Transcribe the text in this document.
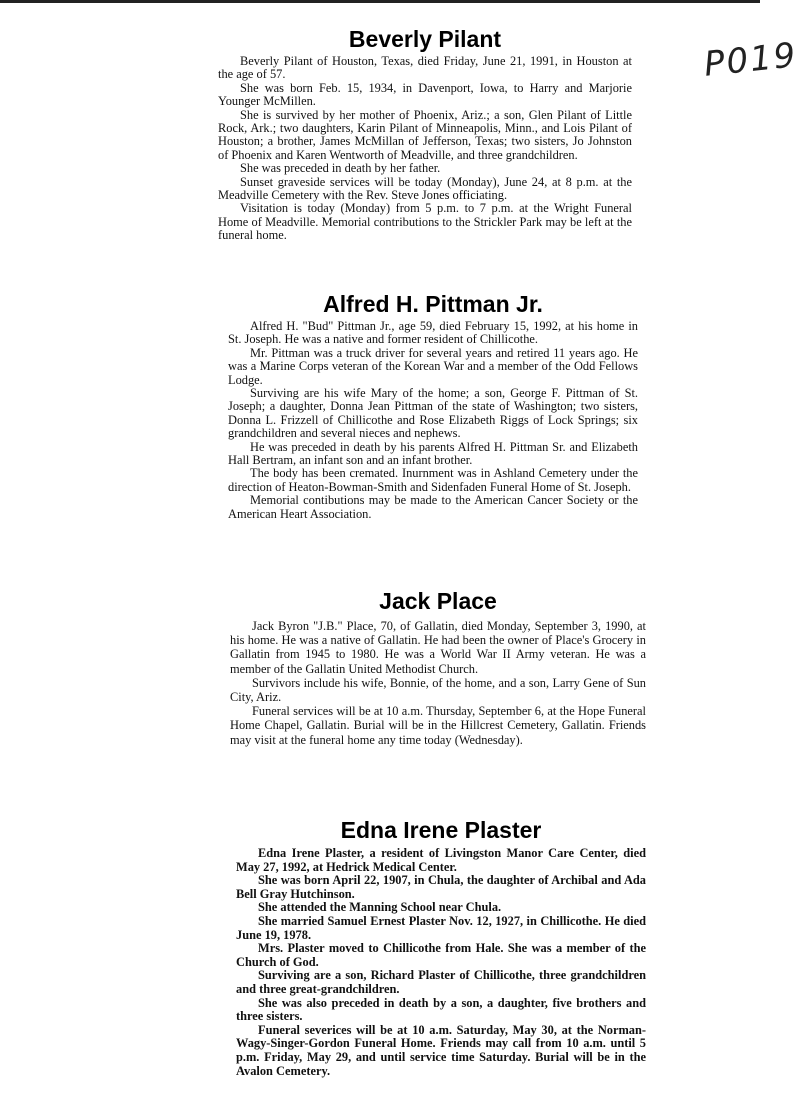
P019
Beverly Pilant

Beverly Pilant of Houston, Texas, died Friday, June 21, 1991, in Houston at the age of 57.

She was born Feb. 15, 1934, in Davenport, Iowa, to Harry and Marjorie Younger McMillen.

She is survived by her mother of Phoenix, Ariz.; a son, Glen Pilant of Little Rock, Ark.; two daughters, Karin Pilant of Minneapolis, Minn., and Lois Pilant of Houston; a brother, James McMillan of Jefferson, Texas; two sisters, Jo Johnston of Phoenix and Karen Wentworth of Meadville, and three grandchildren.

She was preceded in death by her father.

Sunset graveside services will be today (Monday), June 24, at 8 p.m. at the Meadville Cemetery with the Rev. Steve Jones officiating.

Visitation is today (Monday) from 5 p.m. to 7 p.m. at the Wright Funeral Home of Meadville. Memorial contributions to the Strickler Park may be left at the funeral home.

Alfred H. Pittman Jr.

Alfred H. "Bud" Pittman Jr., age 59, died February 15, 1992, at his home in St. Joseph. He was a native and former resident of Chillicothe.

Mr. Pittman was a truck driver for several years and retired 11 years ago. He was a Marine Corps veteran of the Korean War and a member of the Odd Fellows Lodge.

Surviving are his wife Mary of the home; a son, George F. Pittman of St. Joseph; a daughter, Donna Jean Pittman of the state of Washington; two sisters, Donna L. Frizzell of Chillicothe and Rose Elizabeth Riggs of Lock Springs; six grandchildren and several nieces and nephews.

He was preceded in death by his parents Alfred H. Pittman Sr. and Elizabeth Hall Bertram, an infant son and an infant brother.

The body has been cremated. Inurnment was in Ashland Cemetery under the direction of Heaton-Bowman-Smith and Sidenfaden Funeral Home of St. Joseph.

Memorial contibutions may be made to the American Cancer Society or the American Heart Association.

Jack Place

Jack Byron "J.B." Place, 70, of Gallatin, died Monday, September 3, 1990, at his home. He was a native of Gallatin. He had been the owner of Place's Grocery in Gallatin from 1945 to 1980. He was a World War II Army veteran. He was a member of the Gallatin United Methodist Church.

Survivors include his wife, Bonnie, of the home, and a son, Larry Gene of Sun City, Ariz.

Funeral services will be at 10 a.m. Thursday, September 6, at the Hope Funeral Home Chapel, Gallatin. Burial will be in the Hillcrest Cemetery, Gallatin. Friends may visit at the funeral home any time today (Wednesday).

Edna Irene Plaster

Edna Irene Plaster, a resident of Livingston Manor Care Center, died May 27, 1992, at Hedrick Medical Center.

She was born April 22, 1907, in Chula, the daughter of Archibal and Ada Bell Gray Hutchinson.

She attended the Manning School near Chula.

She married Samuel Ernest Plaster Nov. 12, 1927, in Chillicothe. He died June 19, 1978.

Mrs. Plaster moved to Chillicothe from Hale. She was a member of the Church of God.

Surviving are a son, Richard Plaster of Chillicothe, three grandchildren and three great-grandchildren.

She was also preceded in death by a son, a daughter, five brothers and three sisters.

Funeral severices will be at 10 a.m. Saturday, May 30, at the Norman-Wagy-Singer-Gordon Funeral Home. Friends may call from 10 a.m. until 5 p.m. Friday, May 29, and until service time Saturday. Burial will be in the Avalon Cemetery.
